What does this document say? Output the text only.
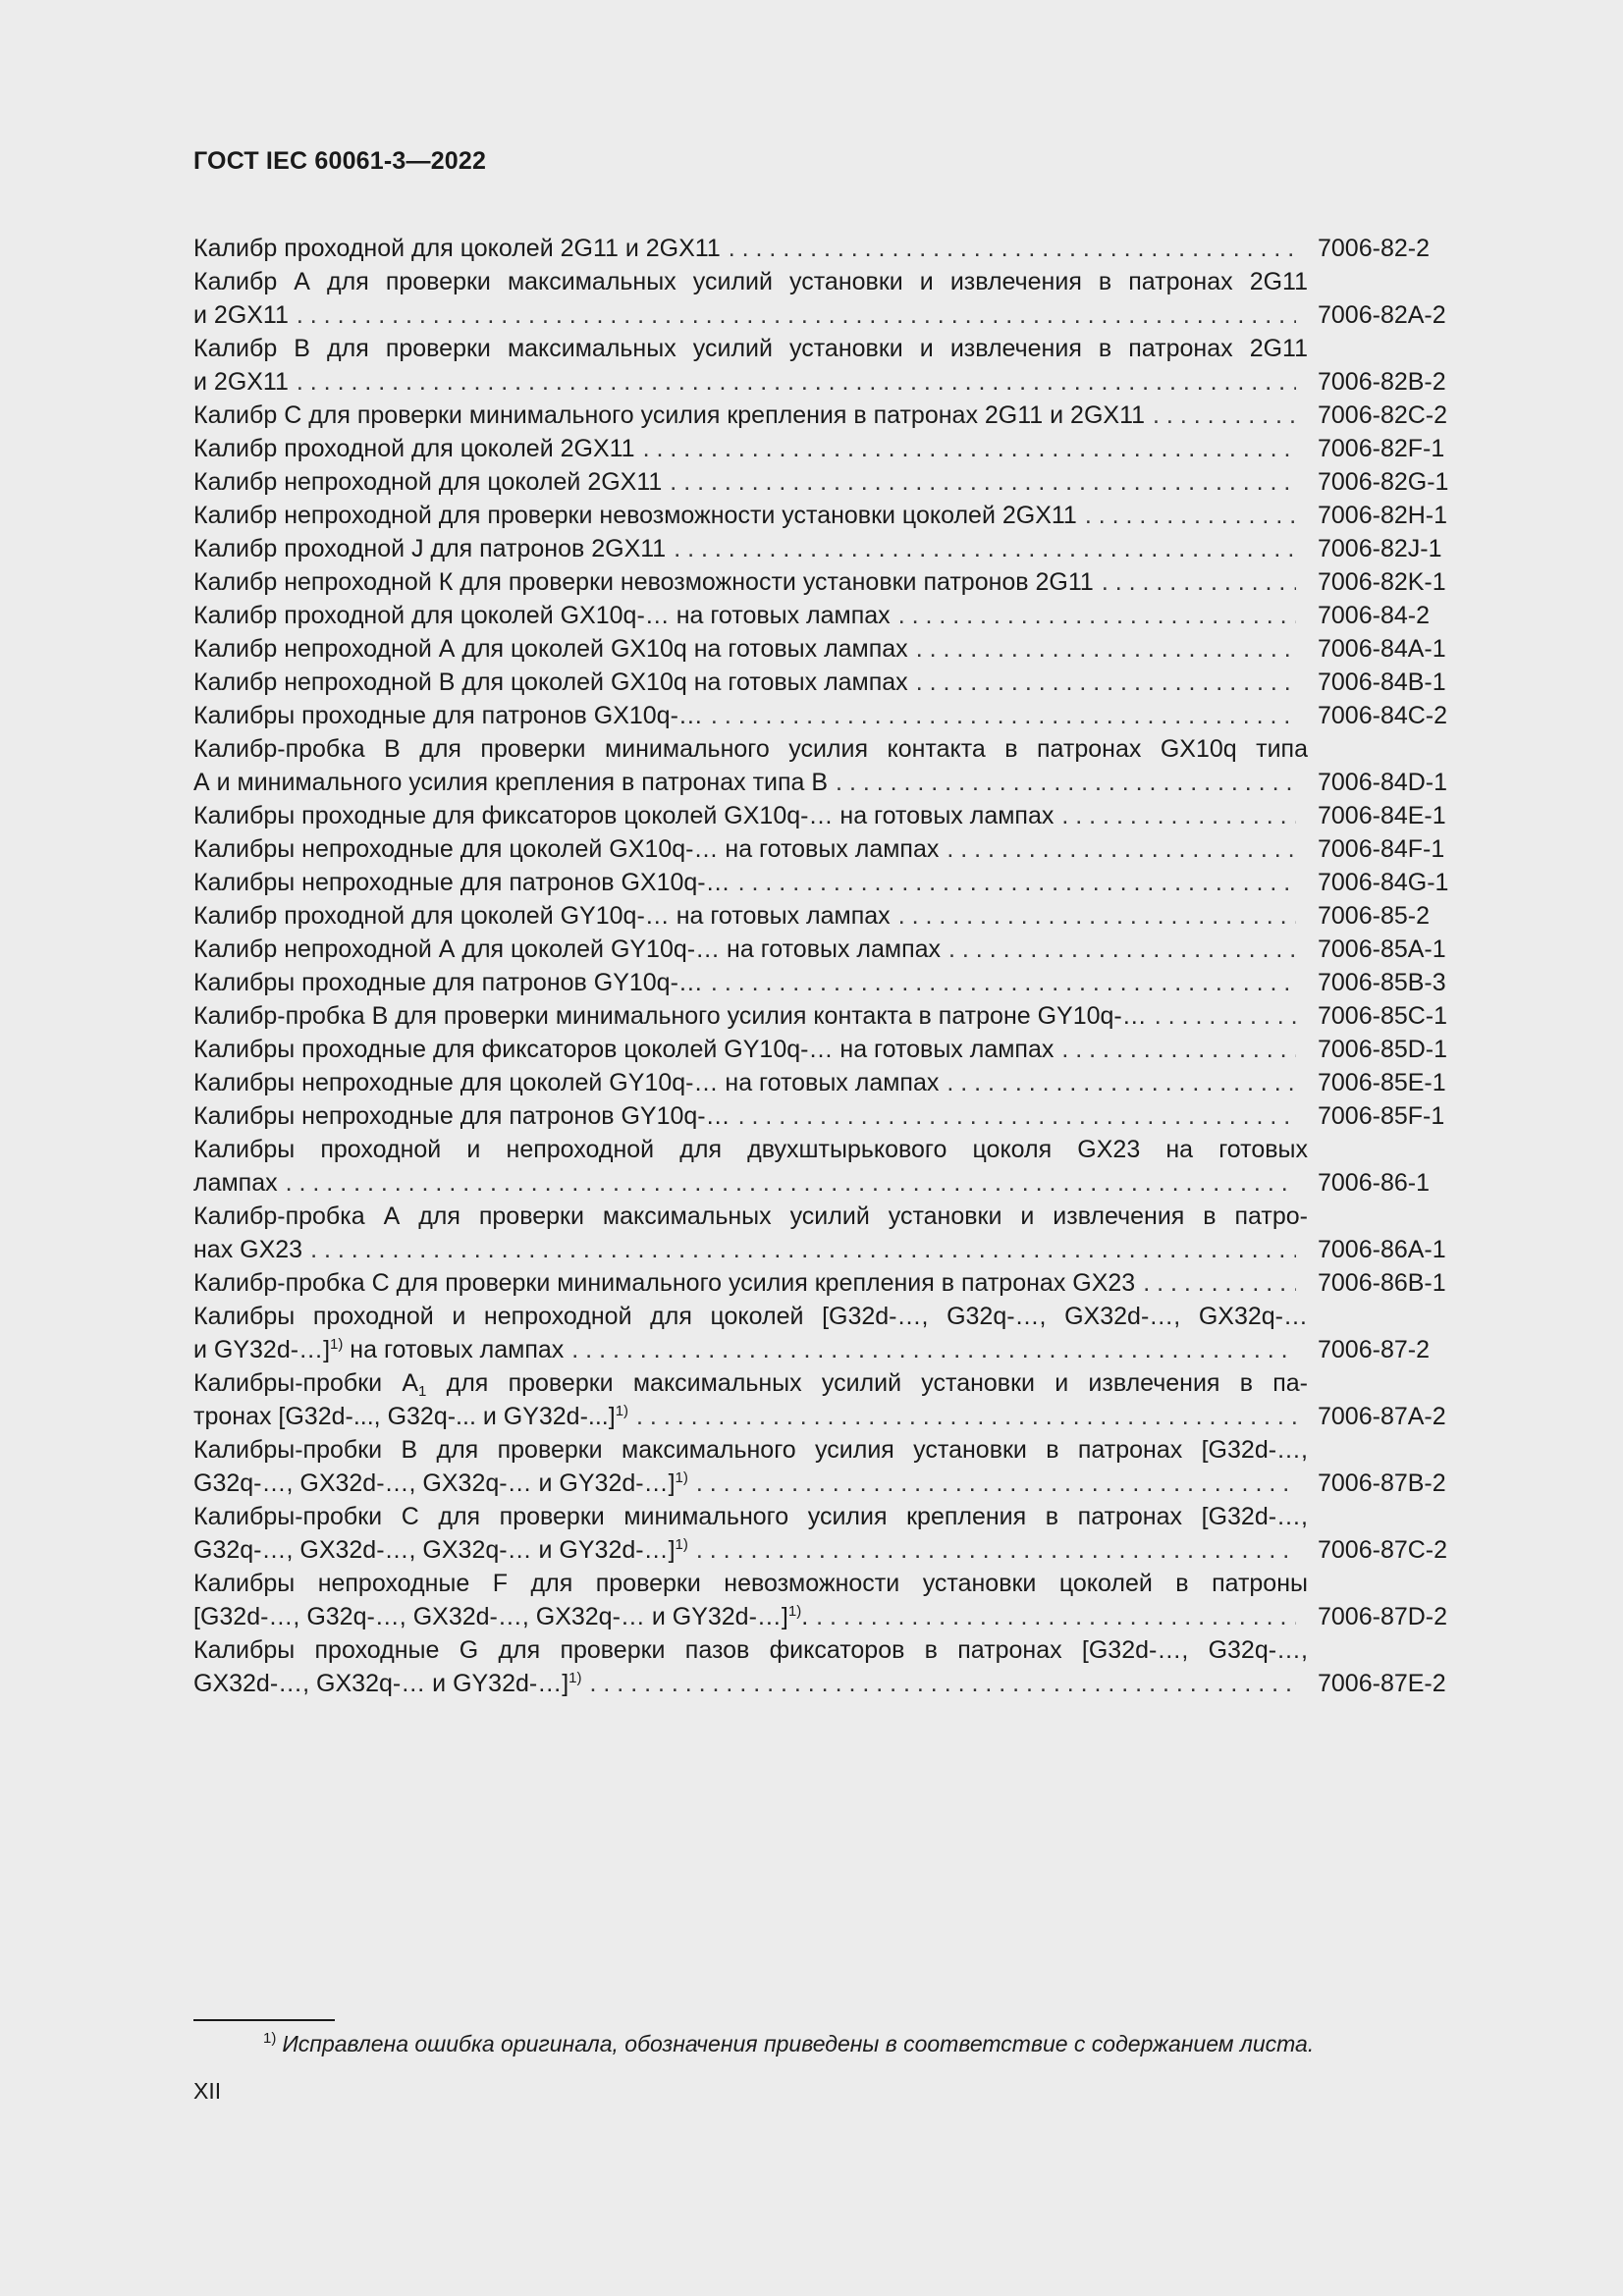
ГОСТ IEC 60061-3—2022
Калибр проходной для цоколей 2G11 и 2GX11 . . .	7006-82-2
Калибр А для проверки максимальных усилий установки и извлечения в патронах 2G11
и 2GX11 . . .	7006-82A-2
Калибр В для проверки максимальных усилий установки и извлечения в патронах 2G11
и 2GX11 . . .	7006-82B-2
Калибр С для проверки минимального усилия крепления в патронах 2G11 и 2GX11 . . .	7006-82C-2
Калибр проходной для цоколей 2GX11 . . .	7006-82F-1
Калибр непроходной для цоколей 2GX11 . . .	7006-82G-1
Калибр непроходной для проверки невозможности установки цоколей 2GX11 . . .	7006-82H-1
Калибр проходной J для патронов 2GX11 . . .	7006-82J-1
Калибр непроходной К для проверки невозможности установки патронов 2G11 . . .	7006-82K-1
Калибр проходной для цоколей GX10q-… на готовых лампах . . .	7006-84-2
Калибр непроходной А для цоколей GX10q на готовых лампах . . .	7006-84A-1
Калибр непроходной В для цоколей GX10q на готовых лампах . . .	7006-84B-1
Калибры проходные для патронов GX10q-… . . .	7006-84C-2
Калибр-пробка В для проверки минимального усилия контакта в патронах GX10q типа
А и минимального усилия крепления в патронах типа В . . .	7006-84D-1
Калибры проходные для фиксаторов цоколей GX10q-… на готовых лампах . . .	7006-84E-1
Калибры непроходные для цоколей GX10q-… на готовых лампах . . .	7006-84F-1
Калибры непроходные для патронов GX10q-… . . .	7006-84G-1
Калибр проходной для цоколей GY10q-… на готовых лампах . . .	7006-85-2
Калибр непроходной А для цоколей GY10q-… на готовых лампах . . .	7006-85A-1
Калибры проходные для патронов GY10q-… . . .	7006-85B-3
Калибр-пробка В для проверки минимального усилия контакта в патроне GY10q-… . . .	7006-85C-1
Калибры проходные для фиксаторов цоколей GY10q-… на готовых лампах . . .	7006-85D-1
Калибры непроходные для цоколей GY10q-… на готовых лампах . . .	7006-85E-1
Калибры непроходные для патронов GY10q-… . . .	7006-85F-1
Калибры проходной и непроходной для двухштырькового цоколя GX23 на готовых
лампах . . .	7006-86-1
Калибр-пробка А для проверки максимальных усилий установки и извлечения в патро-
нах GX23 . . .	7006-86A-1
Калибр-пробка С для проверки минимального усилия крепления в патронах GX23 . . .	7006-86B-1
Калибры проходной и непроходной для цоколей [G32d-…, G32q-…, GX32d-…, GX32q-…
и GY32d-…]$^{1)}$ на готовых лампах . . .	7006-87-2
Калибры-пробки $А_1$ для проверки максимальных усилий установки и извлечения в па-
тронах [G32d-..., G32q-... и GY32d-...]$^{1)}$ . . .	7006-87A-2
Калибры-пробки В для проверки максимального усилия установки в патронах [G32d-…,
G32q-…, GX32d-…, GX32q-… и GY32d-…]$^{1)}$ . . .	7006-87B-2
Калибры-пробки С для проверки минимального усилия крепления в патронах [G32d-…,
G32q-…, GX32d-…, GX32q-… и GY32d-…]$^{1)}$ . . .	7006-87C-2
Калибры непроходные F для проверки невозможности установки цоколей в патроны
[G32d-…, G32q-…, GX32d-…, GX32q-… и GY32d-…]$^{1)}$. . . .	7006-87D-2
Калибры проходные G для проверки пазов фиксаторов в патронах [G32d-…, G32q-…,
GX32d-…, GX32q-… и GY32d-…]$^{1)}$ . . .	7006-87E-2
$^{1)}$ Исправлена ошибка оригинала, обозначения приведены в соответствие с содержанием листа.
XII
